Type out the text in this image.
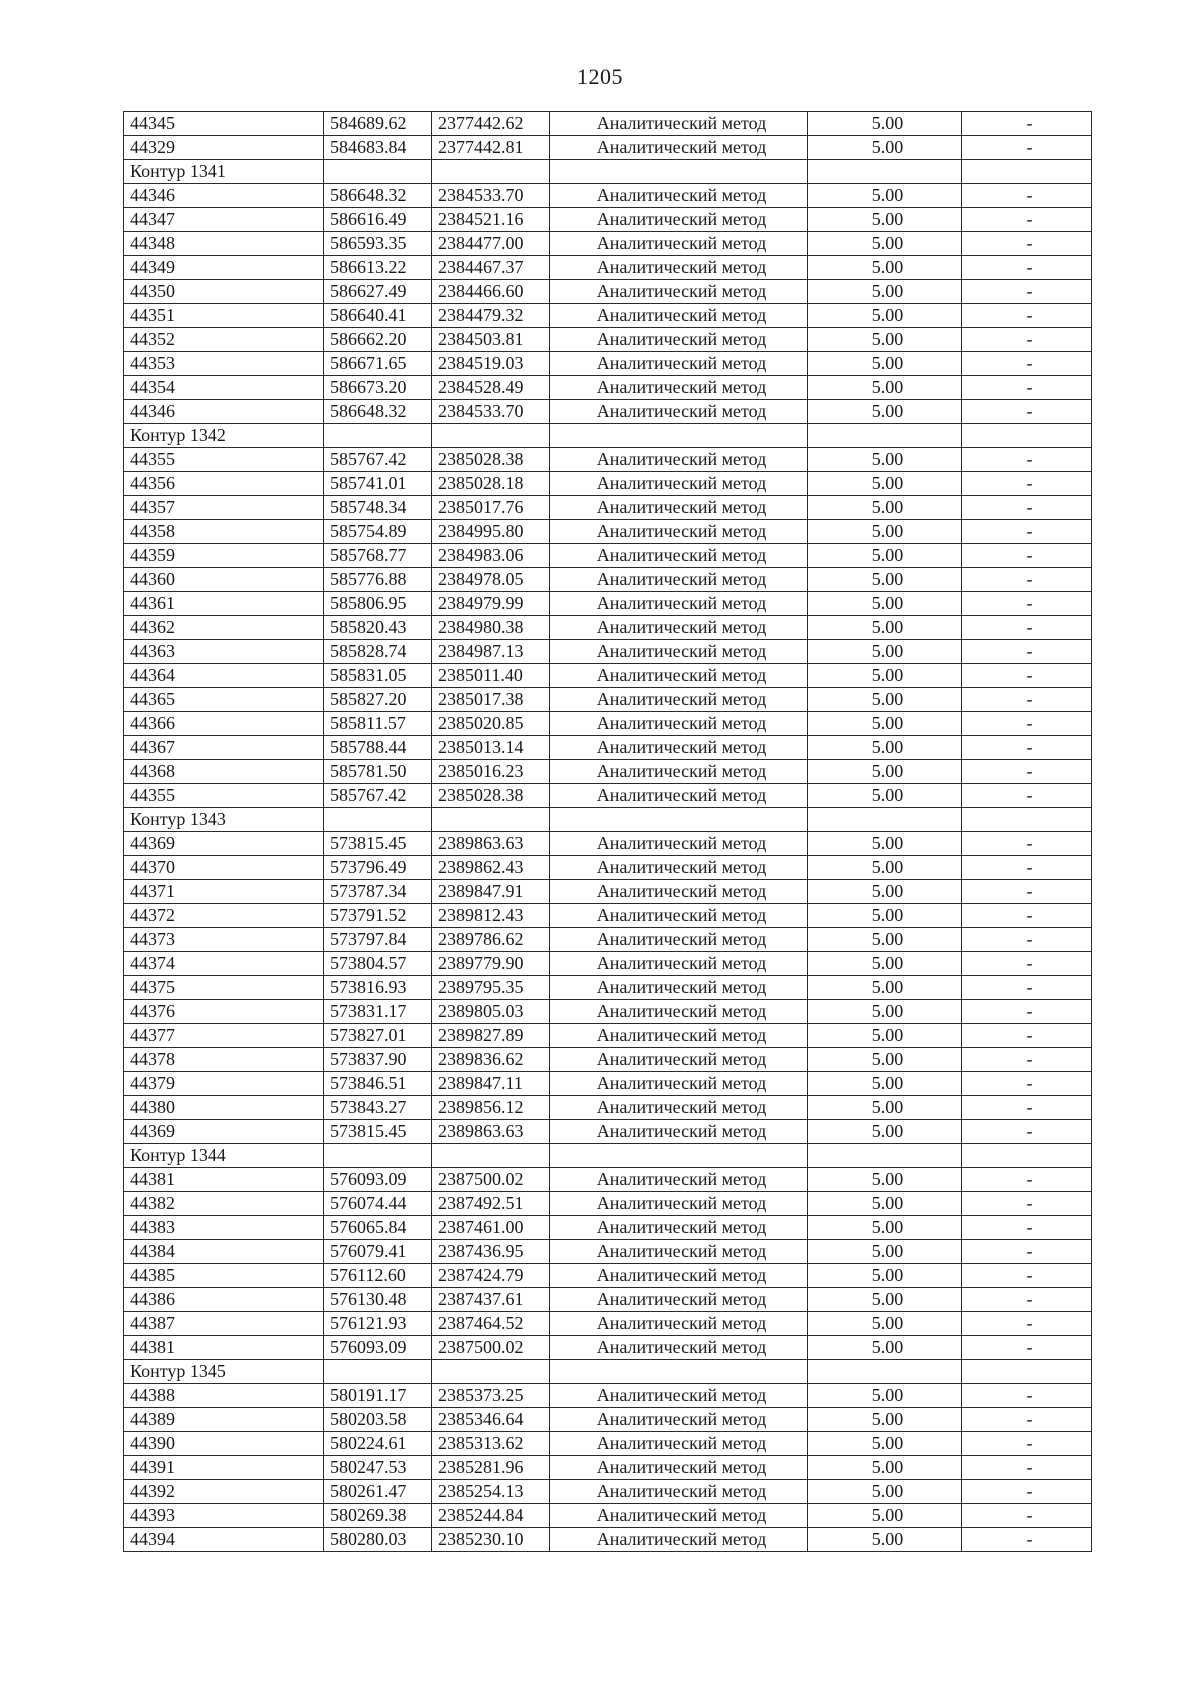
1205
44345	584689.62	2377442.62	Аналитический метод	5.00	-
44329	584683.84	2377442.81	Аналитический метод	5.00	-
Контур 1341					
44346	586648.32	2384533.70	Аналитический метод	5.00	-
44347	586616.49	2384521.16	Аналитический метод	5.00	-
44348	586593.35	2384477.00	Аналитический метод	5.00	-
44349	586613.22	2384467.37	Аналитический метод	5.00	-
44350	586627.49	2384466.60	Аналитический метод	5.00	-
44351	586640.41	2384479.32	Аналитический метод	5.00	-
44352	586662.20	2384503.81	Аналитический метод	5.00	-
44353	586671.65	2384519.03	Аналитический метод	5.00	-
44354	586673.20	2384528.49	Аналитический метод	5.00	-
44346	586648.32	2384533.70	Аналитический метод	5.00	-
Контур 1342					
44355	585767.42	2385028.38	Аналитический метод	5.00	-
44356	585741.01	2385028.18	Аналитический метод	5.00	-
44357	585748.34	2385017.76	Аналитический метод	5.00	-
44358	585754.89	2384995.80	Аналитический метод	5.00	-
44359	585768.77	2384983.06	Аналитический метод	5.00	-
44360	585776.88	2384978.05	Аналитический метод	5.00	-
44361	585806.95	2384979.99	Аналитический метод	5.00	-
44362	585820.43	2384980.38	Аналитический метод	5.00	-
44363	585828.74	2384987.13	Аналитический метод	5.00	-
44364	585831.05	2385011.40	Аналитический метод	5.00	-
44365	585827.20	2385017.38	Аналитический метод	5.00	-
44366	585811.57	2385020.85	Аналитический метод	5.00	-
44367	585788.44	2385013.14	Аналитический метод	5.00	-
44368	585781.50	2385016.23	Аналитический метод	5.00	-
44355	585767.42	2385028.38	Аналитический метод	5.00	-
Контур 1343					
44369	573815.45	2389863.63	Аналитический метод	5.00	-
44370	573796.49	2389862.43	Аналитический метод	5.00	-
44371	573787.34	2389847.91	Аналитический метод	5.00	-
44372	573791.52	2389812.43	Аналитический метод	5.00	-
44373	573797.84	2389786.62	Аналитический метод	5.00	-
44374	573804.57	2389779.90	Аналитический метод	5.00	-
44375	573816.93	2389795.35	Аналитический метод	5.00	-
44376	573831.17	2389805.03	Аналитический метод	5.00	-
44377	573827.01	2389827.89	Аналитический метод	5.00	-
44378	573837.90	2389836.62	Аналитический метод	5.00	-
44379	573846.51	2389847.11	Аналитический метод	5.00	-
44380	573843.27	2389856.12	Аналитический метод	5.00	-
44369	573815.45	2389863.63	Аналитический метод	5.00	-
Контур 1344					
44381	576093.09	2387500.02	Аналитический метод	5.00	-
44382	576074.44	2387492.51	Аналитический метод	5.00	-
44383	576065.84	2387461.00	Аналитический метод	5.00	-
44384	576079.41	2387436.95	Аналитический метод	5.00	-
44385	576112.60	2387424.79	Аналитический метод	5.00	-
44386	576130.48	2387437.61	Аналитический метод	5.00	-
44387	576121.93	2387464.52	Аналитический метод	5.00	-
44381	576093.09	2387500.02	Аналитический метод	5.00	-
Контур 1345					
44388	580191.17	2385373.25	Аналитический метод	5.00	-
44389	580203.58	2385346.64	Аналитический метод	5.00	-
44390	580224.61	2385313.62	Аналитический метод	5.00	-
44391	580247.53	2385281.96	Аналитический метод	5.00	-
44392	580261.47	2385254.13	Аналитический метод	5.00	-
44393	580269.38	2385244.84	Аналитический метод	5.00	-
44394	580280.03	2385230.10	Аналитический метод	5.00	-
